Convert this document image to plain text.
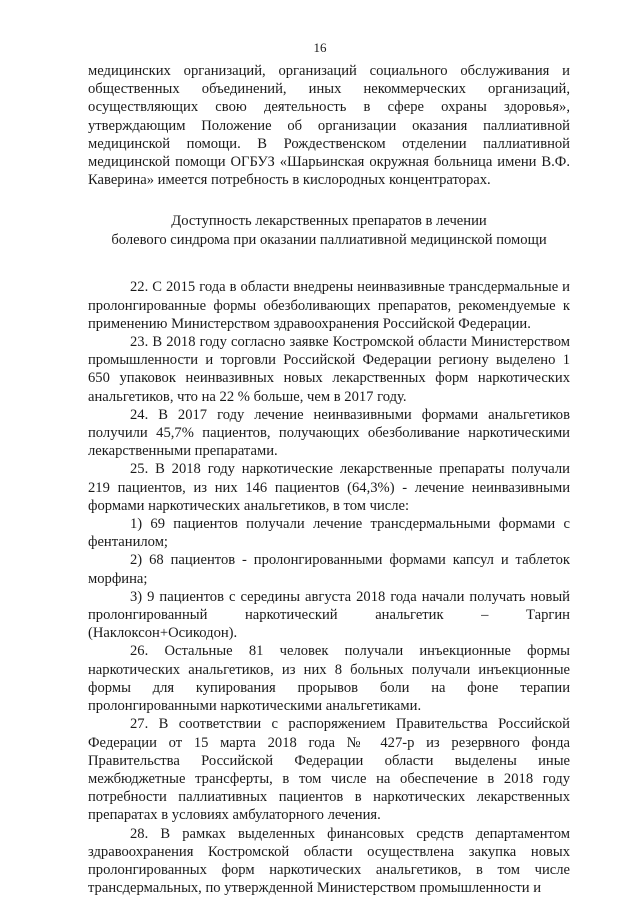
16

медицинских организаций, организаций социального обслуживания и общественных объединений, иных некоммерческих организаций, осуществляющих свою деятельность в сфере охраны здоровья», утверждающим Положение об организации оказания паллиативной медицинской помощи. В Рождественском отделении паллиативной медицинской помощи ОГБУЗ «Шарьинская окружная больница имени В.Ф. Каверина» имеется потребность в кислородных концентраторах.

Доступность лекарственных препаратов в лечении
болевого синдрома при оказании паллиативной медицинской помощи

22. С 2015 года в области внедрены неинвазивные трансдермальные и пролонгированные формы обезболивающих препаратов, рекомендуемые к применению Министерством здравоохранения Российской Федерации.

23. В 2018 году согласно заявке Костромской области Министерством промышленности и торговли Российской Федерации региону выделено 1 650 упаковок неинвазивных новых лекарственных форм наркотических анальгетиков, что на 22 % больше, чем в 2017 году.

24. В 2017 году лечение неинвазивными формами анальгетиков получили 45,7% пациентов, получающих обезболивание наркотическими лекарственными препаратами.

25. В 2018 году наркотические лекарственные препараты получали 219 пациентов, из них 146 пациентов (64,3%) - лечение неинвазивными формами наркотических анальгетиков, в том числе:

1) 69 пациентов получали лечение трансдермальными формами с фентанилом;

2) 68 пациентов - пролонгированными формами капсул и таблеток морфина;

3) 9 пациентов с середины августа 2018 года начали получать новый пролонгированный наркотический анальгетик – Таргин (Наклоксон+Осикодон).

26. Остальные 81 человек получали инъекционные формы наркотических анальгетиков, из них 8 больных получали инъекционные формы для купирования прорывов боли на фоне терапии пролонгированными наркотическими анальгетиками.

27. В соответствии с распоряжением Правительства Российской Федерации от 15 марта 2018 года № 427-р из резервного фонда Правительства Российской Федерации области выделены иные межбюджетные трансферты, в том числе на обеспечение в 2018 году потребности паллиативных пациентов в наркотических лекарственных препаратах в условиях амбулаторного лечения.

28. В рамках выделенных финансовых средств департаментом здравоохранения Костромской области осуществлена закупка новых пролонгированных форм наркотических анальгетиков, в том числе трансдермальных, по утвержденной Министерством промышленности и
